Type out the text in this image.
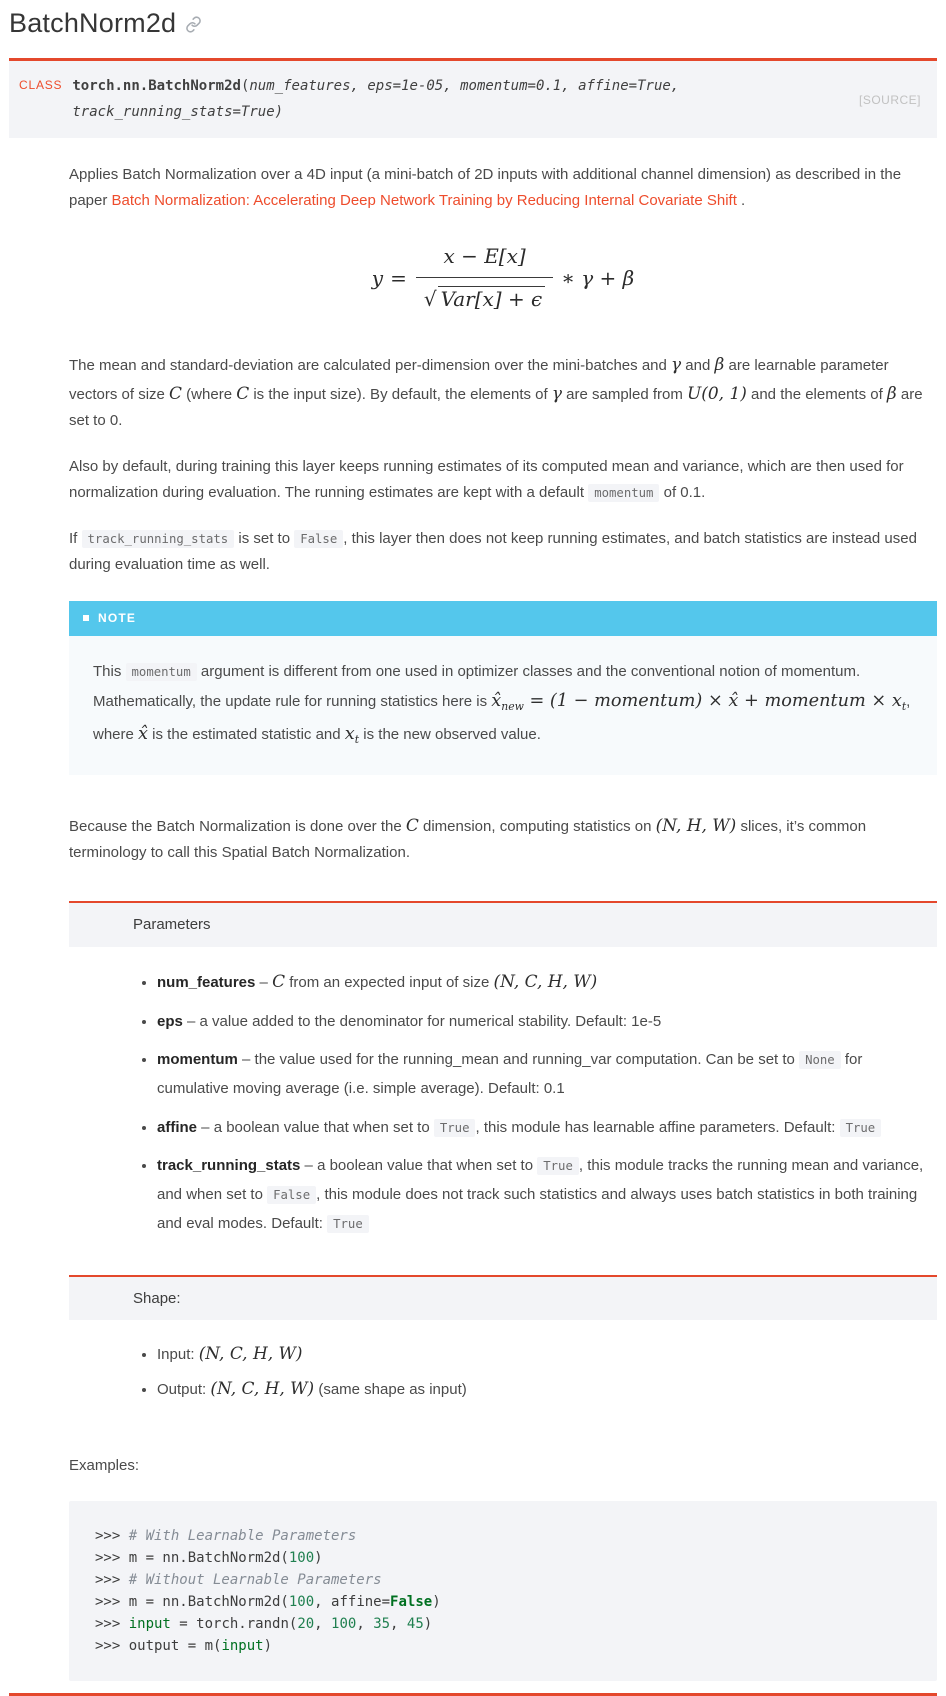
BatchNorm2d
CLASS torch.nn.BatchNorm2d(num_features, eps=1e-05, momentum=0.1, affine=True, track_running_stats=True)
[SOURCE]

Applies Batch Normalization over a 4D input (a mini-batch of 2D inputs with additional channel dimension) as described in the paper Batch Normalization: Accelerating Deep Network Training by Reducing Internal Covariate Shift .

$y = \frac{x - E[x]}{\text{√ Var[x] + ϵ}}$ ∗ γ + β

The mean and standard-deviation are calculated per-dimension over the mini-batches and γ and β are learnable parameter vectors of size C (where C is the input size). By default, the elements of γ are sampled from U(0, 1) and the elements of β are set to 0.

Also by default, during training this layer keeps running estimates of its computed mean and variance, which are then used for normalization during evaluation. The running estimates are kept with a default momentum of 0.1.

If track_running_stats is set to False , this layer then does not keep running estimates, and batch statistics are instead used during evaluation time as well.

NOTE
This momentum argument is different from one used in optimizer classes and the conventional notion of momentum. Mathematically, the update rule for running statistics here is $x̂_{new} = (1$ − momentum) × x̂ + momentum × $x_t$, where x̂ is the estimated statistic and $x_t$ is the new observed value.

Because the Batch Normalization is done over the C dimension, computing statistics on (N, H, W) slices, it’s common terminology to call this Spatial Batch Normalization.

Parameters
• num_features – C from an expected input of size (N, C, H, W)
• eps – a value added to the denominator for numerical stability. Default: 1e-5
• momentum – the value used for the running_mean and running_var computation. Can be set to None for cumulative moving average (i.e. simple average). Default: 0.1
• affine – a boolean value that when set to True , this module has learnable affine parameters. Default: True
• track_running_stats – a boolean value that when set to True , this module tracks the running mean and variance, and when set to False , this module does not track such statistics and always uses batch statistics in both training and eval modes. Default: True
Shape:
• Input: (N, C, H, W)
• Output: (N, C, H, W) (same shape as input)

Examples:

>>> # With Learnable Parameters
>>> m = nn.BatchNorm2d(100)
>>> # Without Learnable Parameters
>>> m = nn.BatchNorm2d(100, affine=False)
>>> input = torch.randn(20, 100, 35, 45)
>>> output = m(input)
